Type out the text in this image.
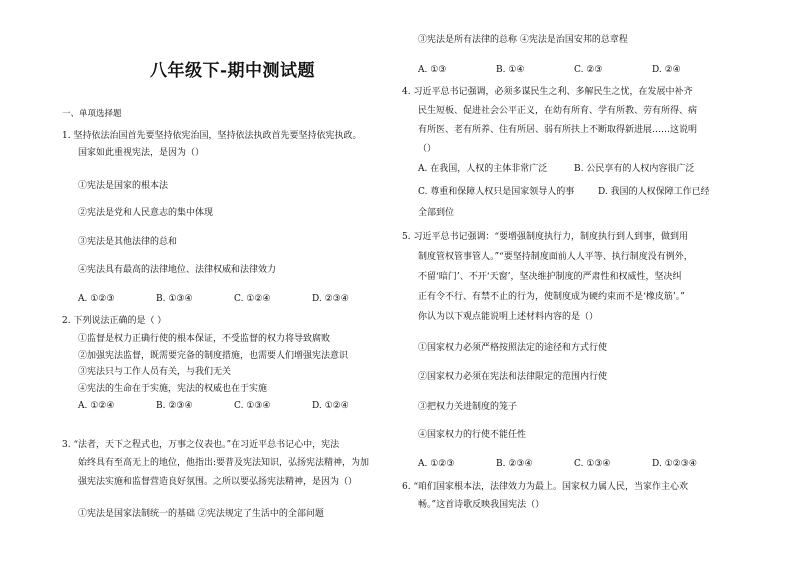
八年级下-期中测试题
一、单项选择题
1. 坚持依法治国首先要坚持依宪治国，坚持依法执政首先要坚持依宪执政。
国家如此重视宪法，是因为（）
①宪法是国家的根本法
②宪法是党和人民意志的集中体现
③宪法是其他法律的总和
④宪法具有最高的法律地位、法律权威和法律效力
A. ①②③	B. ①③④	C. ①②④	D. ②③④
2. 下列说法正确的是（ ）
①监督是权力正确行使的根本保证，不受监督的权力将导致腐败
②加强宪法监督，既需要完备的制度措施，也需要人们增强宪法意识
③宪法只与工作人员有关，与我们无关
④宪法的生命在于实施，宪法的权威也在于实施
A. ①②④	B. ②③④	C. ①③④	D. ①②④
3. “法者，天下之程式也，万事之仪表也。”在习近平总书记心中，宪法
始终具有至高无上的地位，他指出:要普及宪法知识，弘扬宪法精神，为加
强宪法实施和监督营造良好氛围。之所以要弘扬宪法精神，是因为（）
①宪法是国家法制统一的基础 ②宪法规定了生活中的全部问题
③宪法是所有法律的总称 ④宪法是治国安邦的总章程
A. ①③	B. ①④	C. ②③	D. ②④
4. 习近平总书记强调，必须多谋民生之利、多解民生之忧，在发展中补齐
民生短板、促进社会公平正义，在幼有所育、学有所教、劳有所得、病
有所医、老有所养、住有所居、弱有所扶上不断取得新进展……这说明
（）
A. 在我国，人权的主体非常广泛	B. 公民享有的人权内容很广泛
C. 尊重和保障人权只是国家领导人的事	D. 我国的人权保障工作已经
全部到位
5. 习近平总书记强调：“要增强制度执行力，制度执行到人到事，做到用
制度管权管事管人。”“要坚持制度面前人人平等、执行制度没有例外，
不留‘暗门’、不开‘天窗’，坚决维护制度的严肃性和权威性，坚决纠
正有令不行、有禁不止的行为，使制度成为硬约束而不是‘橡皮筋’。”
你认为以下观点能说明上述材料内容的是（）
①国家权力必须严格按照法定的途径和方式行使
②国家权力必须在宪法和法律限定的范围内行使
③把权力关进制度的笼子
④国家权力的行使不能任性
A. ①②③	B. ②③④	C. ①③④	D. ①②③④
6. “咱们国家根本法，法律效力为最上。国家权力属人民，当家作主心欢
畅。”这首诗歌反映我国宪法（）
